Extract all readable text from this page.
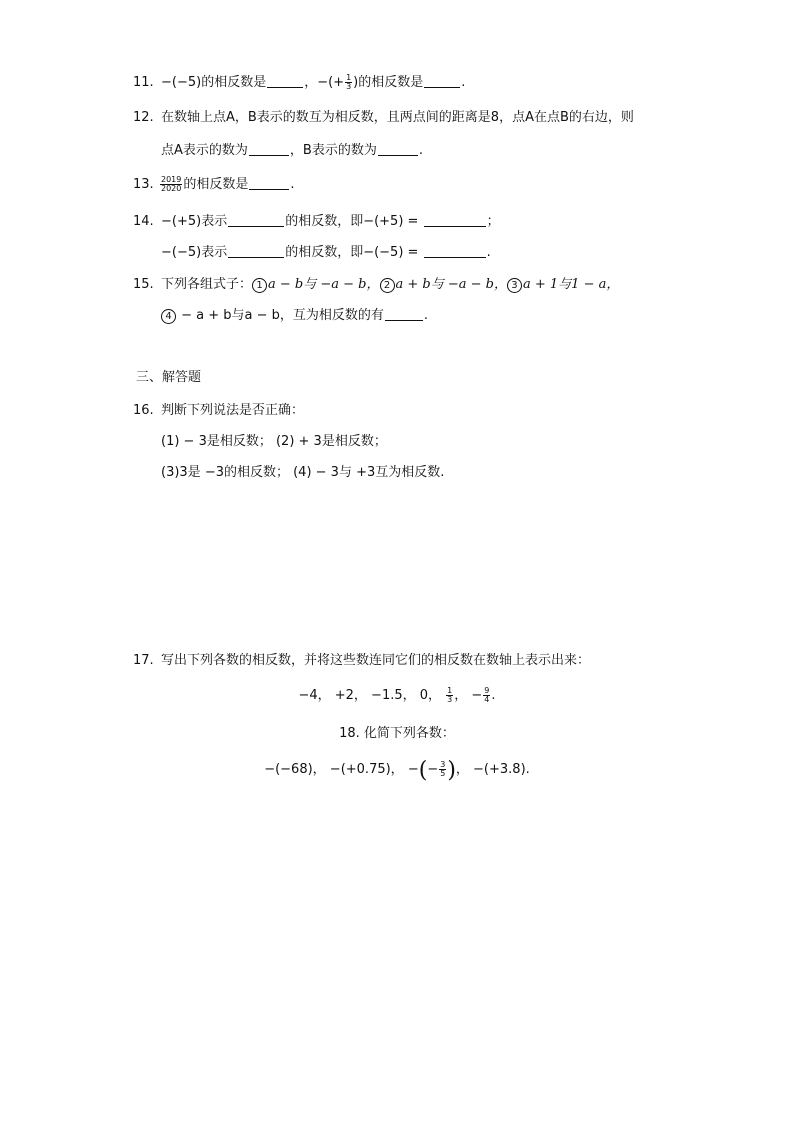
11. −(−5)的相反数是	，−(+ $\frac{1}{3}$ )的相反数是	.
12. 在数轴上点A，B表示的数互为相反数，且两点间的距离是8，点A在点B的右边，则
点A表示的数为	，B表示的数为	.
13. $\frac{2019}{2020}$ 的相反数是	.
14. −(+5)表示	的相反数，即−(+5) =	；
−(−5)表示	的相反数，即−(−5) =	.
15. 下列各组式子： 1 a − b与 −a − b， 2 a + b与 −a − b， 3 a + 1与1 − a，
4 − a + b与a − b，互为相反数的有	.
三、解答题
16. 判断下列说法是否正确：
(1) − 3是相反数； (2) + 3是相反数；
(3)3是 −3的相反数； (4) − 3与 +3互为相反数.
17. 写出下列各数的相反数，并将这些数连同它们的相反数在数轴上表示出来：
−4， +2， −1.5， 0， $\frac{1}{3}$ ， − $\frac{9}{4}$ .
18. 化简下列各数：
−(−68)， −(+0.75)， −(− $\frac{3}{5}$ )， −(+3.8).
